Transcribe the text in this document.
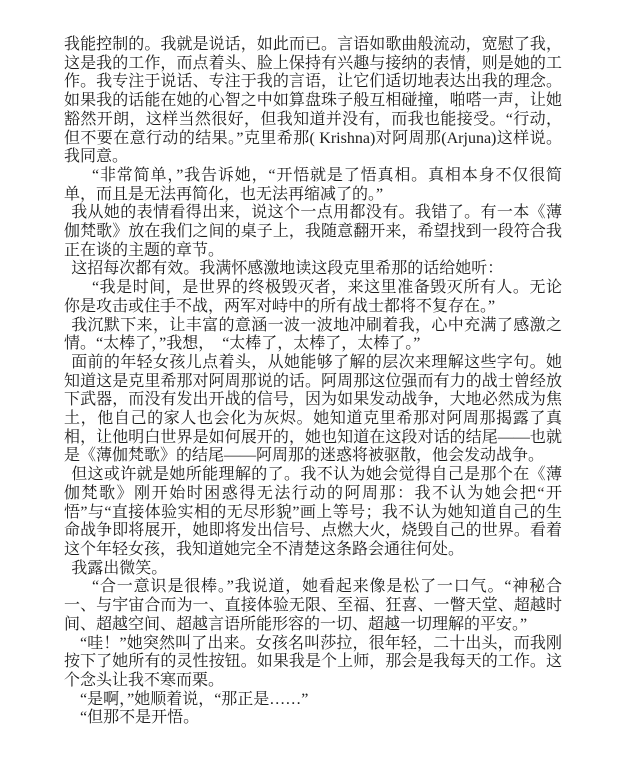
我能控制的。我就是说话，如此而已。言语如歌曲般流动，宽慰了我，这是我的工作，而点着头、脸上保持有兴趣与接纳的表情，则是她的工作。我专注于说话、专注于我的言语，让它们适切地表达出我的理念。如果我的话能在她的心智之中如算盘珠子般互相碰撞，啪嗒一声，让她豁然开朗，这样当然很好，但我知道并没有，而我也能接受。“行动，但不要在意行动的结果。”克里希那( Krishna)对阿周那(Arjuna)这样说。我同意。

“非常简单，”我告诉她，“开悟就是了悟真相。真相本身不仅很简单，而且是无法再简化，也无法再缩减了的。”

我从她的表情看得出来，说这个一点用都没有。我错了。有一本《薄伽梵歌》放在我们之间的桌子上，我随意翻开来，希望找到一段符合我正在谈的主题的章节。

这招每次都有效。我满怀感激地读这段克里希那的话给她听：

“我是时间，是世界的终极毁灭者，来这里准备毁灭所有人。无论你是攻击或住手不战，两军对峙中的所有战士都将不复存在。”

我沉默下来，让丰富的意涵一波一波地冲刷着我，心中充满了感激之情。“太棒了，”我想，　“太棒了，太棒了，太棒了。”

面前的年轻女孩儿点着头，从她能够了解的层次来理解这些字句。她知道这是克里希那对阿周那说的话。阿周那这位强而有力的战士曾经放下武器，而没有发出开战的信号，因为如果发动战争，大地必然成为焦土，他自己的家人也会化为灰烬。她知道克里希那对阿周那揭露了真相，让他明白世界是如何展开的，她也知道在这段对话的结尾——也就是《薄伽梵歌》的结尾——阿周那的迷惑将被驱散，他会发动战争。

但这或许就是她所能理解的了。我不认为她会觉得自己是那个在《薄伽梵歌》刚开始时困惑得无法行动的阿周那：我不认为她会把“开悟”与“直接体验实相的无尽形貌”画上等号；我不认为她知道自己的生命战争即将展开，她即将发出信号、点燃大火，烧毁自己的世界。看着这个年轻女孩，我知道她完全不清楚这条路会通往何处。

我露出微笑。

“合一意识是很棒。”我说道，她看起来像是松了一口气。“神秘合一、与宇宙合而为一、直接体验无限、至福、狂喜、一瞥天堂、超越时间、超越空间、超越言语所能形容的一切、超越一切理解的平安。”

“哇！”她突然叫了出来。女孩名叫莎拉，很年轻，二十出头，而我刚按下了她所有的灵性按钮。如果我是个上师，那会是我每天的工作。这个念头让我不寒而栗。

“是啊，”她顺着说，“那正是……”

“但那不是开悟。
